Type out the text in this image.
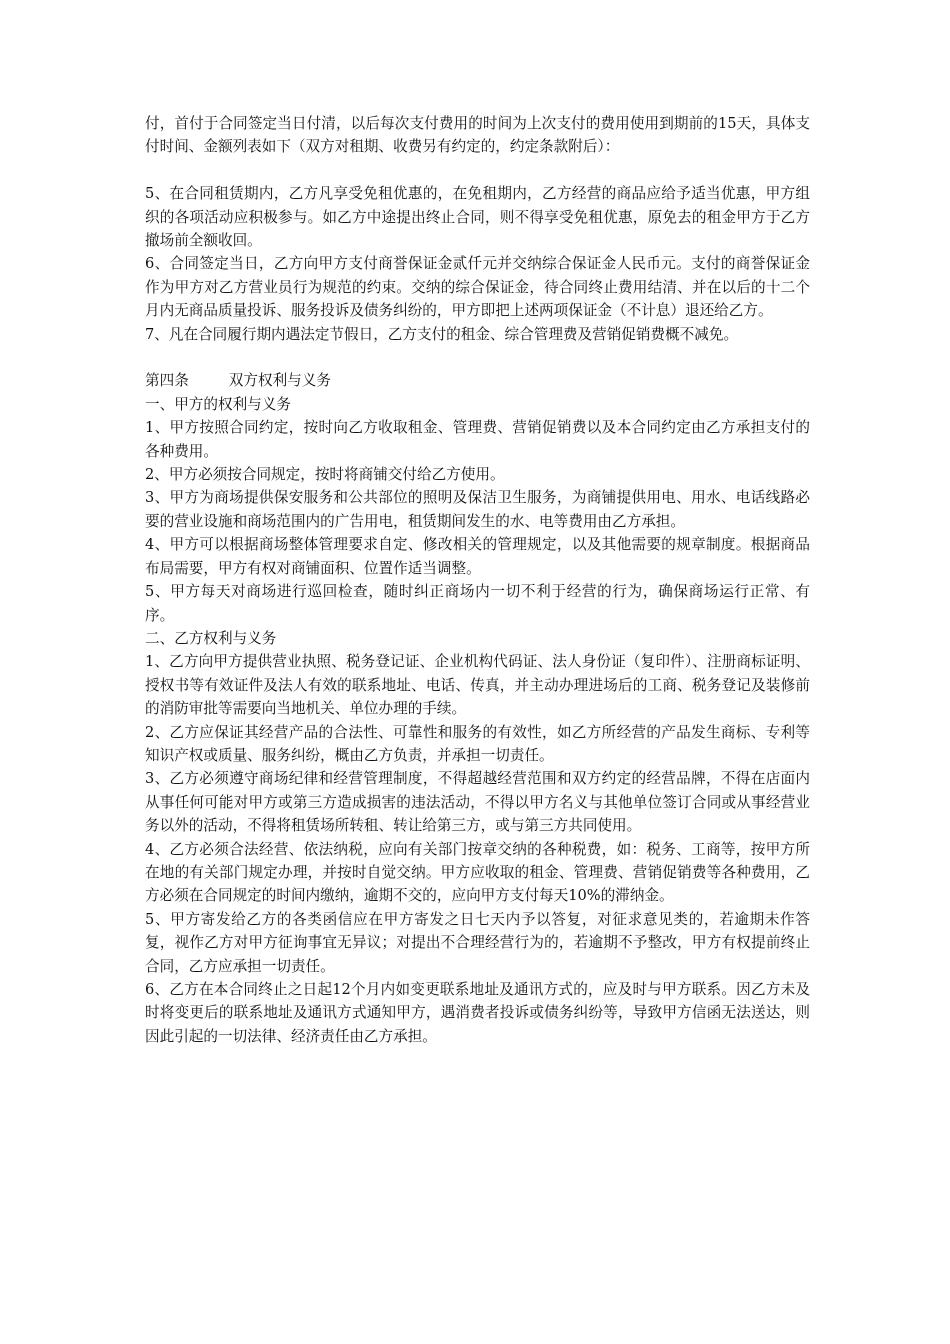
付，首付于合同签定当日付清，以后每次支付费用的时间为上次支付的费用使用到期前的15天，具体支付时间、金额列表如下（双方对租期、收费另有约定的，约定条款附后）：

5、在合同租赁期内，乙方凡享受免租优惠的，在免租期内，乙方经营的商品应给予适当优惠，甲方组织的各项活动应积极参与。如乙方中途提出终止合同，则不得享受免租优惠，原免去的租金甲方于乙方撤场前全额收回。

6、合同签定当日，乙方向甲方支付商誉保证金贰仟元并交纳综合保证金人民币元。支付的商誉保证金作为甲方对乙方营业员行为规范的约束。交纳的综合保证金，待合同终止费用结清、并在以后的十二个月内无商品质量投诉、服务投诉及债务纠纷的，甲方即把上述两项保证金（不计息）退还给乙方。

7、凡在合同履行期内遇法定节假日，乙方支付的租金、综合管理费及营销促销费概不减免。

第四条	双方权利与义务

一、甲方的权利与义务

1、甲方按照合同约定，按时向乙方收取租金、管理费、营销促销费以及本合同约定由乙方承担支付的各种费用。

2、甲方必须按合同规定，按时将商铺交付给乙方使用。

3、甲方为商场提供保安服务和公共部位的照明及保洁卫生服务，为商铺提供用电、用水、电话线路必要的营业设施和商场范围内的广告用电，租赁期间发生的水、电等费用由乙方承担。

4、甲方可以根据商场整体管理要求自定、修改相关的管理规定，以及其他需要的规章制度。根据商品布局需要，甲方有权对商铺面积、位置作适当调整。

5、甲方每天对商场进行巡回检查，随时纠正商场内一切不利于经营的行为，确保商场运行正常、有序。

二、乙方权利与义务

1、乙方向甲方提供营业执照、税务登记证、企业机构代码证、法人身份证（复印件）、注册商标证明、授权书等有效证件及法人有效的联系地址、电话、传真，并主动办理进场后的工商、税务登记及装修前的消防审批等需要向当地机关、单位办理的手续。

2、乙方应保证其经营产品的合法性、可靠性和服务的有效性，如乙方所经营的产品发生商标、专利等知识产权或质量、服务纠纷，概由乙方负责，并承担一切责任。

3、乙方必须遵守商场纪律和经营管理制度，不得超越经营范围和双方约定的经营品牌，不得在店面内从事任何可能对甲方或第三方造成损害的违法活动，不得以甲方名义与其他单位签订合同或从事经营业务以外的活动，不得将租赁场所转租、转让给第三方，或与第三方共同使用。

4、乙方必须合法经营、依法纳税，应向有关部门按章交纳的各种税费，如：税务、工商等，按甲方所在地的有关部门规定办理，并按时自觉交纳。甲方应收取的租金、管理费、营销促销费等各种费用，乙方必须在合同规定的时间内缴纳，逾期不交的，应向甲方支付每天10%的滞纳金。

5、甲方寄发给乙方的各类函信应在甲方寄发之日七天内予以答复，对征求意见类的，若逾期未作答复，视作乙方对甲方征询事宜无异议；对提出不合理经营行为的，若逾期不予整改，甲方有权提前终止合同，乙方应承担一切责任。

6、乙方在本合同终止之日起12个月内如变更联系地址及通讯方式的，应及时与甲方联系。因乙方未及时将变更后的联系地址及通讯方式通知甲方，遇消费者投诉或债务纠纷等，导致甲方信函无法送达，则因此引起的一切法律、经济责任由乙方承担。
